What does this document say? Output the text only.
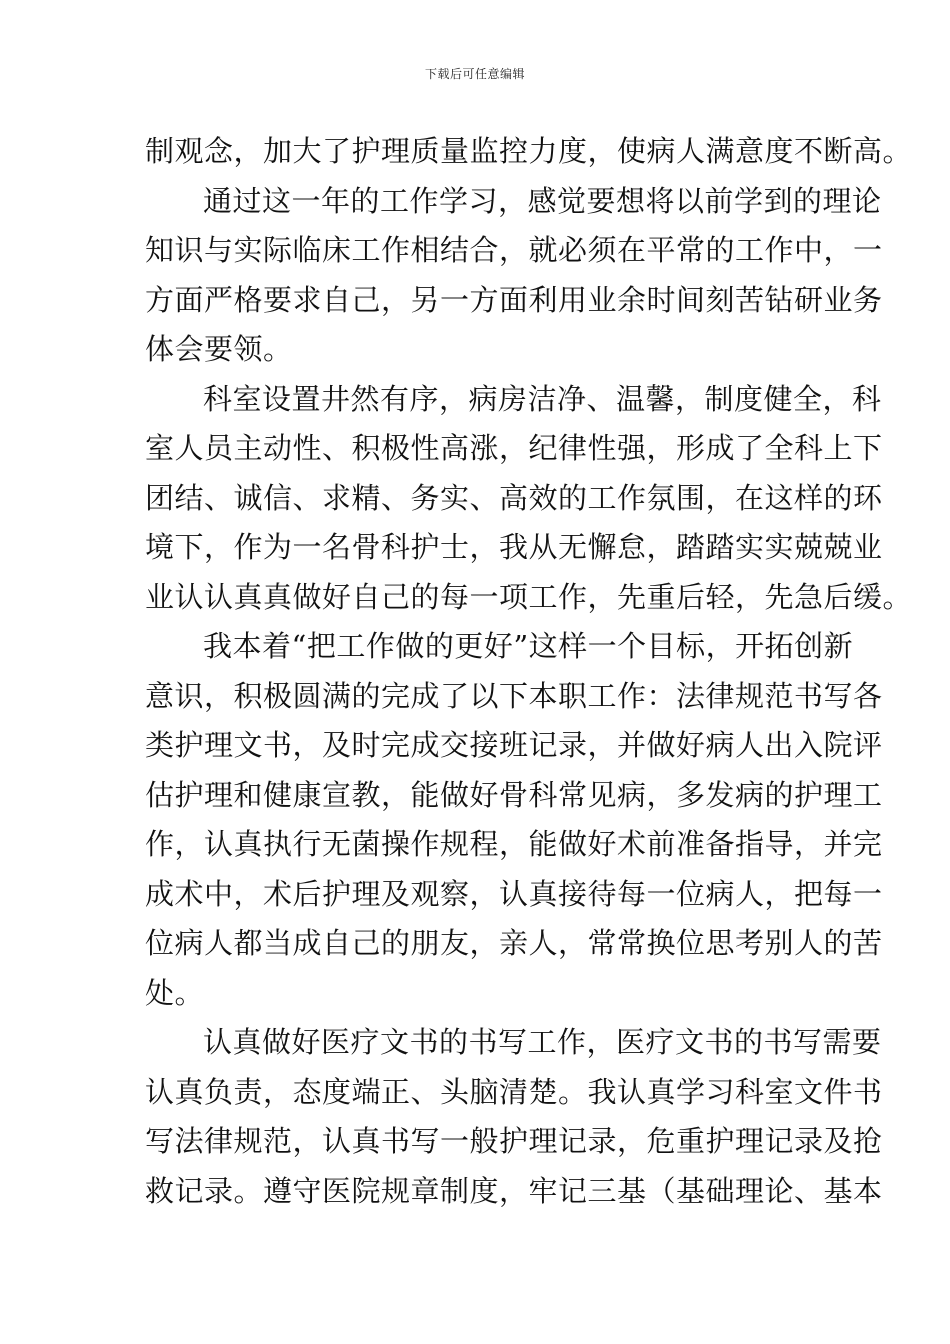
下载后可任意编辑
制观念，加大了护理质量监控力度，使病人满意度不断高。
通过这一年的工作学习，感觉要想将以前学到的理论
知识与实际临床工作相结合，就必须在平常的工作中，一
方面严格要求自己，另一方面利用业余时间刻苦钻研业务
体会要领。
科室设置井然有序，病房洁净、温馨，制度健全，科
室人员主动性、积极性高涨，纪律性强，形成了全科上下
团结、诚信、求精、务实、高效的工作氛围，在这样的环
境下，作为一名骨科护士，我从无懈怠，踏踏实实兢兢业
业认认真真做好自己的每一项工作，先重后轻，先急后缓。
我本着“把工作做的更好”这样一个目标，开拓创新
意识，积极圆满的完成了以下本职工作：法律规范书写各
类护理文书，及时完成交接班记录，并做好病人出入院评
估护理和健康宣教，能做好骨科常见病，多发病的护理工
作，认真执行无菌操作规程，能做好术前准备指导，并完
成术中，术后护理及观察，认真接待每一位病人，把每一
位病人都当成自己的朋友，亲人，常常换位思考别人的苦
处。
认真做好医疗文书的书写工作，医疗文书的书写需要
认真负责，态度端正、头脑清楚。我认真学习科室文件书
写法律规范，认真书写一般护理记录，危重护理记录及抢
救记录。遵守医院规章制度，牢记三基（基础理论、基本
